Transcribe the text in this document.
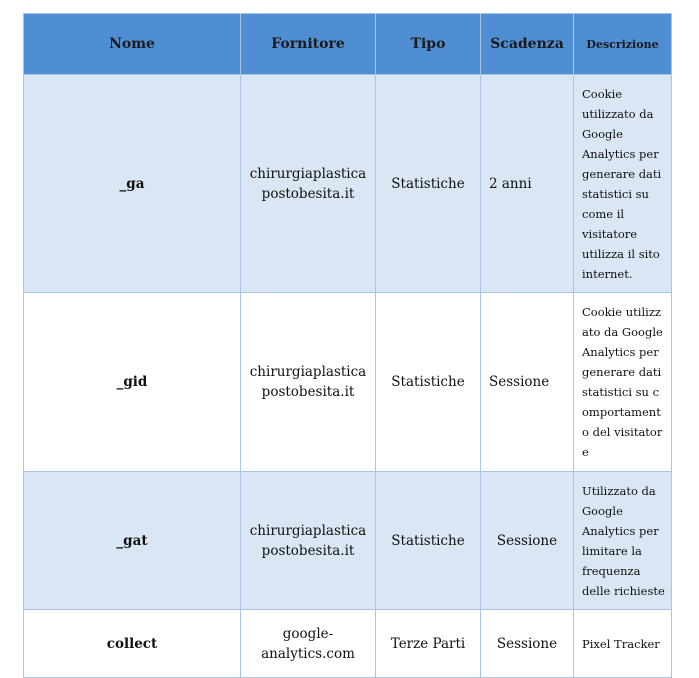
Nome	Fornitore	Tipo	Scadenza	Descrizione
_ga	chirurgiaplasticapostobesita.it	Statistiche	2 anni	Cookie utilizzato da Google Analytics per generare dati statistici su come il visitatore utilizza il sito internet.
_gid	chirurgiaplasticapostobesita.it	Statistiche	Sessione	Cookie utilizzato da Google Analytics per generare dati statistici su comportamento del visitatore
_gat	chirurgiaplasticapostobesita.it	Statistiche	Sessione	Utilizzato da Google Analytics per limitare la frequenza delle richieste
collect	google-analytics.com	Terze Parti	Sessione	Pixel Tracker
